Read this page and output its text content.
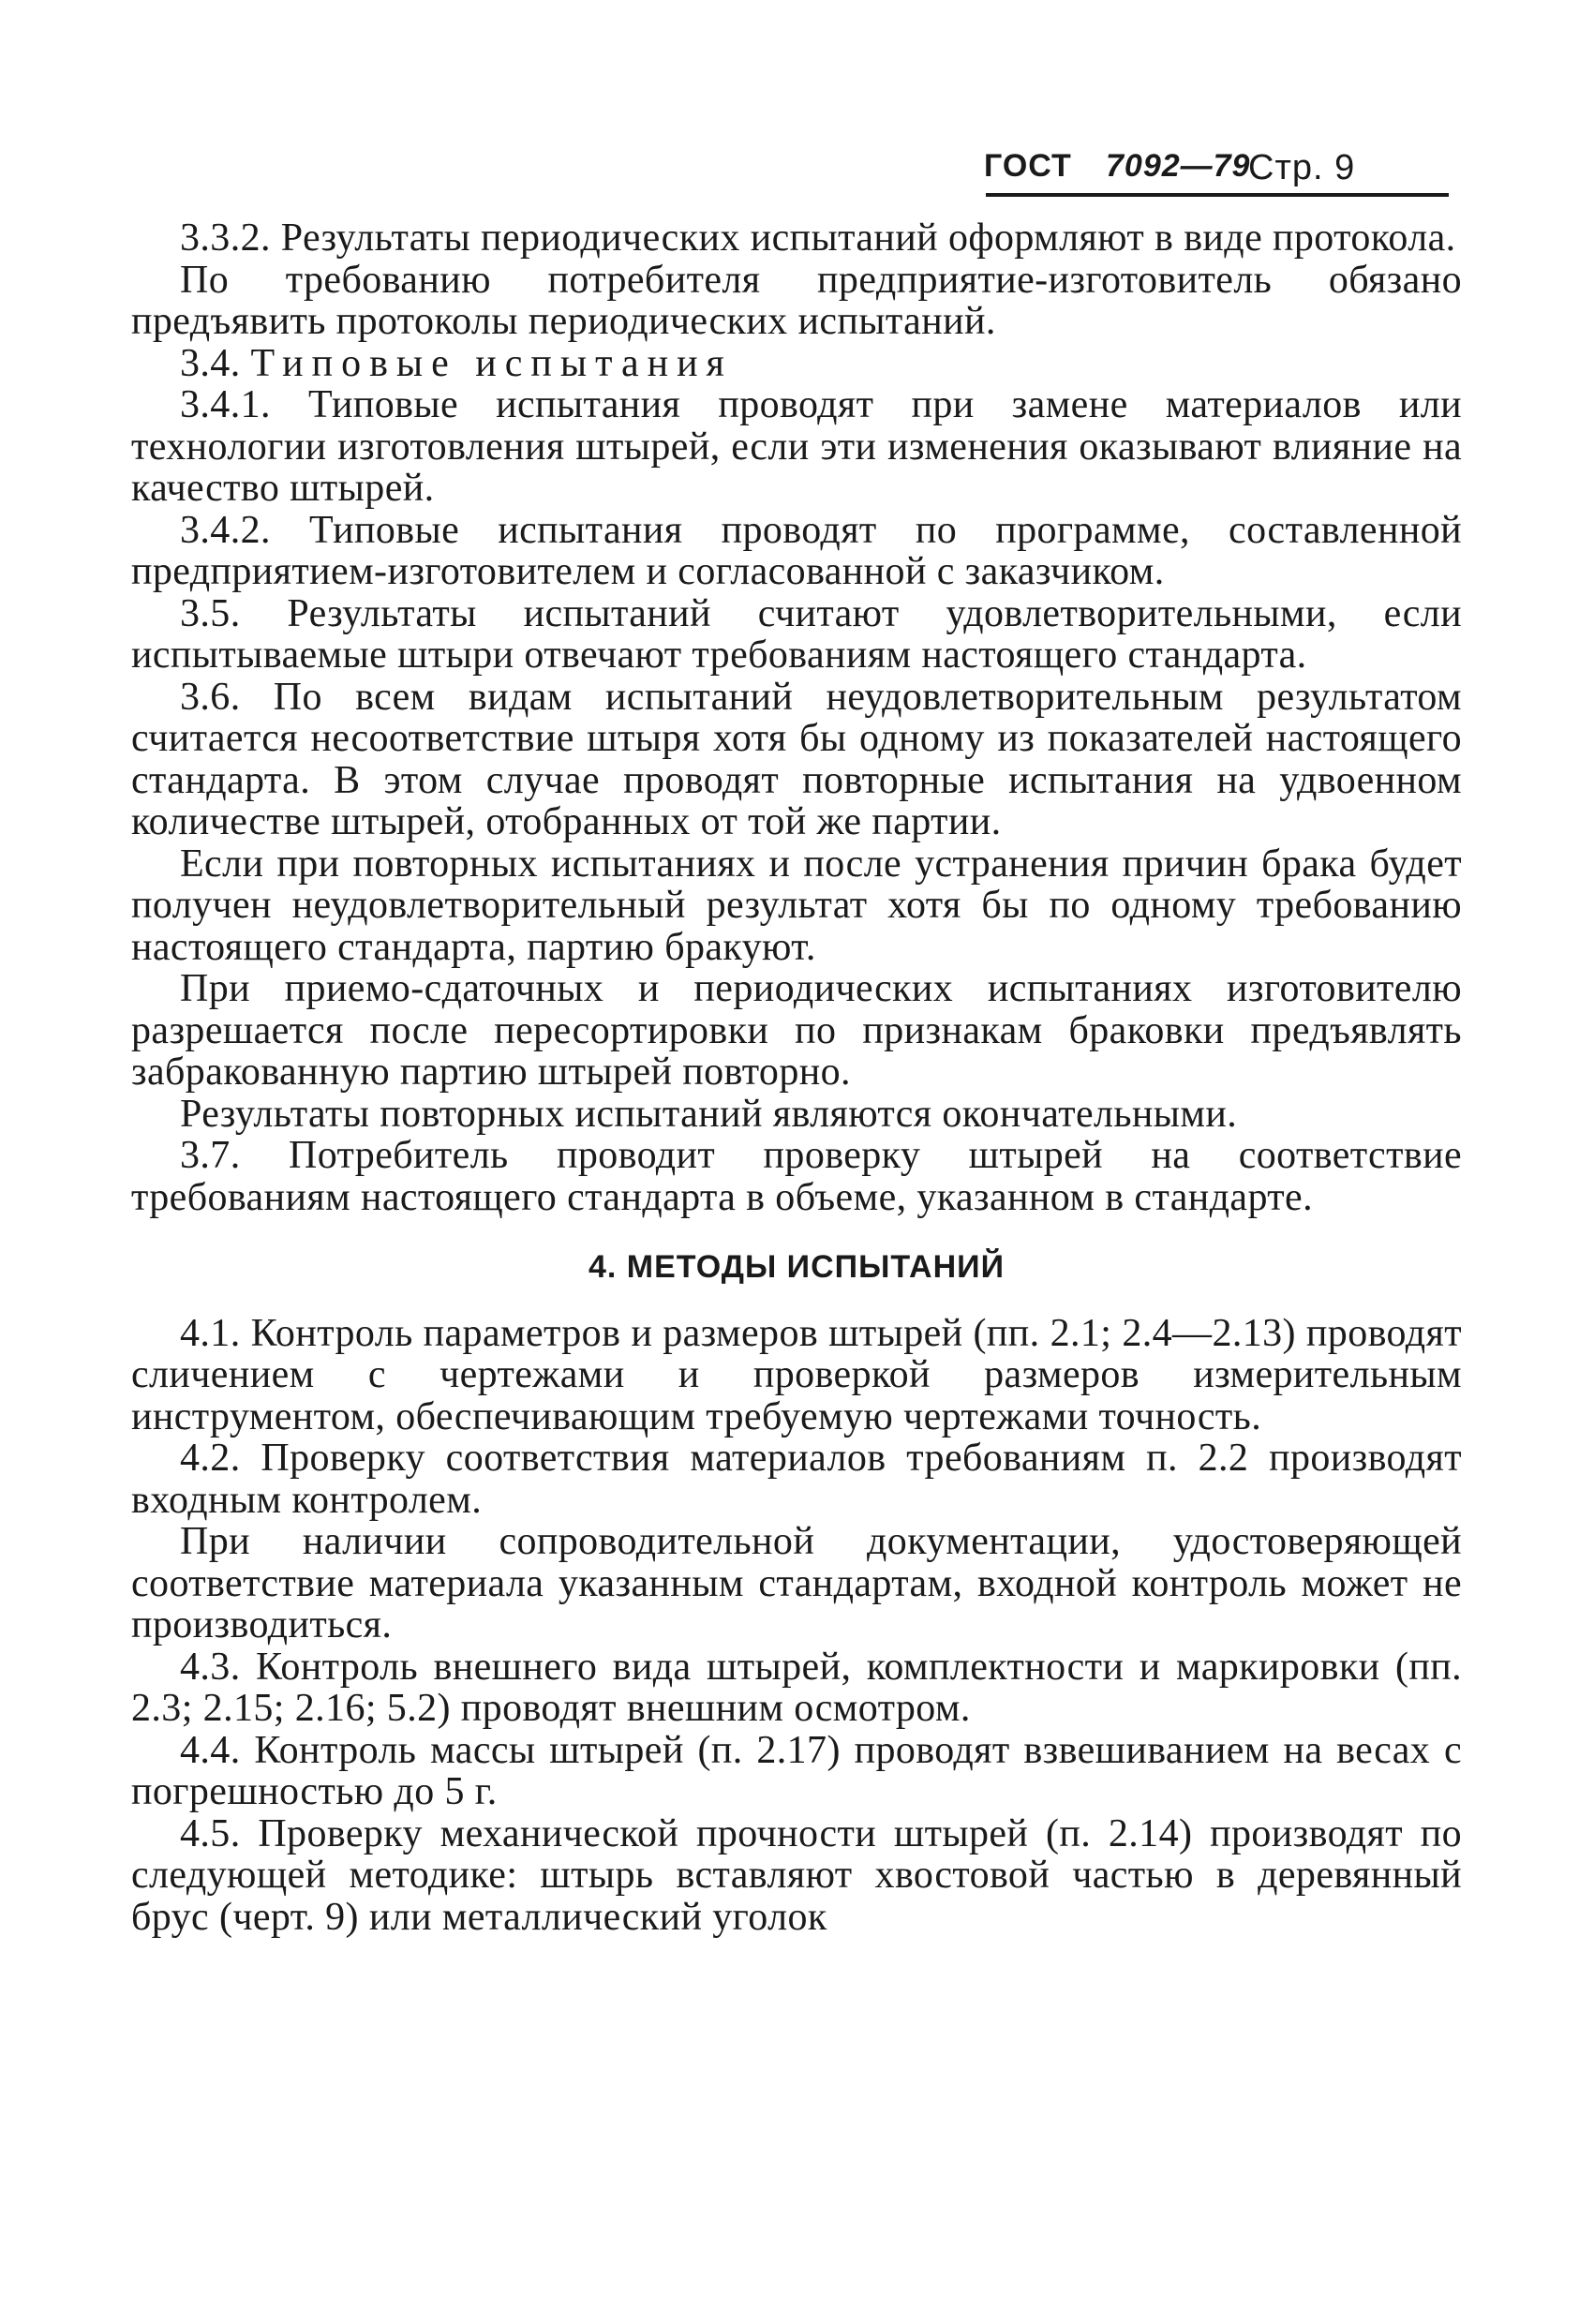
ГОСТ 7092—79
Стр. 9

3.3.2. Результаты периодических испытаний оформляют в виде протокола.

По требованию потребителя предприятие-изготовитель обязано предъявить протоколы периодических испытаний.

3.4. Типовые испытания

3.4.1. Типовые испытания проводят при замене материалов или технологии изготовления штырей, если эти изменения оказывают влияние на качество штырей.

3.4.2. Типовые испытания проводят по программе, составленной предприятием-изготовителем и согласованной с заказчиком.

3.5. Результаты испытаний считают удовлетворительными, если испытываемые штыри отвечают требованиям настоящего стандарта.

3.6. По всем видам испытаний неудовлетворительным результатом считается несоответствие штыря хотя бы одному из показателей настоящего стандарта. В этом случае проводят повторные испытания на удвоенном количестве штырей, отобранных от той же партии.

Если при повторных испытаниях и после устранения причин брака будет получен неудовлетворительный результат хотя бы по одному требованию настоящего стандарта, партию бракуют.

При приемо-сдаточных и периодических испытаниях изготовителю разрешается после пересортировки по признакам браковки предъявлять забракованную партию штырей повторно.

Результаты повторных испытаний являются окончательными.

3.7. Потребитель проводит проверку штырей на соответствие требованиям настоящего стандарта в объеме, указанном в стандарте.

4. МЕТОДЫ ИСПЫТАНИЙ

4.1. Контроль параметров и размеров штырей (пп. 2.1; 2.4—2.13) проводят сличением с чертежами и проверкой размеров измерительным инструментом, обеспечивающим требуемую чертежами точность.

4.2. Проверку соответствия материалов требованиям п. 2.2 производят входным контролем.

При наличии сопроводительной документации, удостоверяющей соответствие материала указанным стандартам, входной контроль может не производиться.

4.3. Контроль внешнего вида штырей, комплектности и маркировки (пп. 2.3; 2.15; 2.16; 5.2) проводят внешним осмотром.

4.4. Контроль массы штырей (п. 2.17) проводят взвешиванием на весах с погрешностью до 5 г.

4.5. Проверку механической прочности штырей (п. 2.14) производят по следующей методике: штырь вставляют хвостовой частью в деревянный брус (черт. 9) или металлический уголок
